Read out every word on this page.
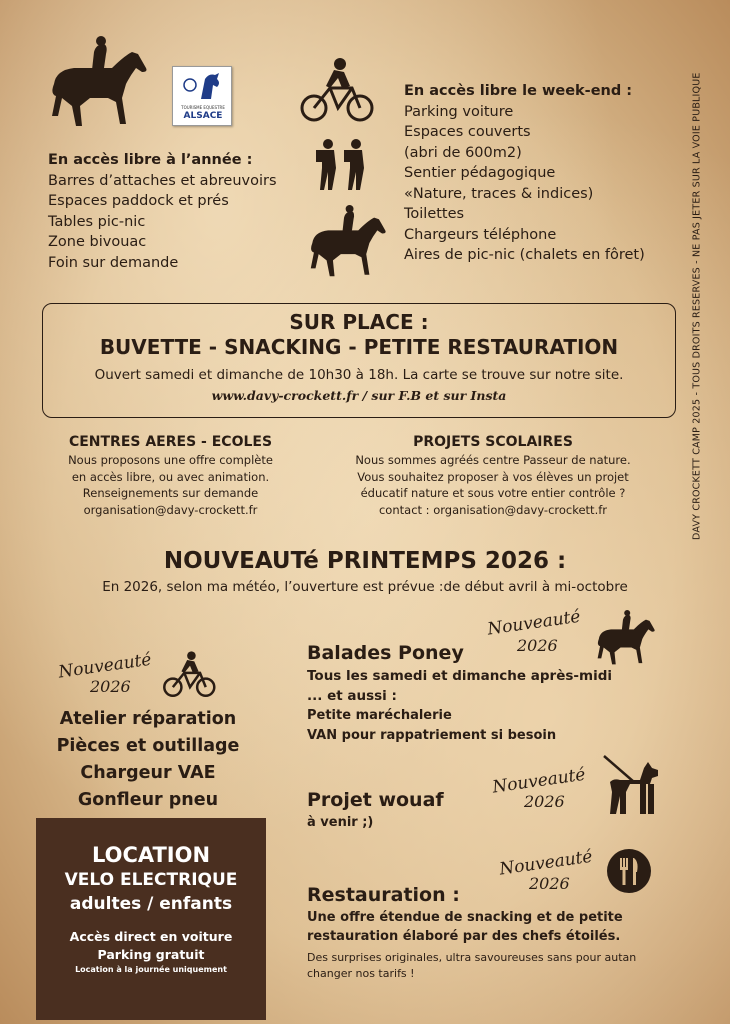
DAVY CROCKETT CAMP 2025 - TOUS DROITS RESERVES - NE PAS JETER SUR LA VOIE PUBLIQUE
TOURISME EQUESTRE
ALSACE
En accès libre à l’année :
Barres d’attaches et abreuvoirs
Espaces paddock et prés
Tables pic-nic
Zone bivouac
Foin sur demande
En accès libre le week-end :
Parking voiture
Espaces couverts
(abri de 600m2)
Sentier pédagogique
«Nature, traces & indices)
Toilettes
Chargeurs téléphone
Aires de pic-nic (chalets en fôret)
SUR PLACE :
BUVETTE - SNACKING - PETITE RESTAURATION
Ouvert samedi et dimanche de 10h30 à 18h. La carte se trouve sur notre site.
www.davy-crockett.fr / sur F.B et sur Insta
CENTRES AERES - ECOLES
Nous proposons une offre complète
en accès libre, ou avec animation.
Renseignements sur demande
organisation@davy-crockett.fr
PROJETS SCOLAIRES
Nous sommes agréés centre Passeur de nature.
Vous souhaitez proposer à vos élèves un projet
éducatif nature et sous votre entier contrôle ?
contact : organisation@davy-crockett.fr
NOUVEAUTé PRINTEMPS 2026 :
En 2026, selon ma météo, l’ouverture est prévue :de début avril à mi-octobre
Nouveauté
2026
Atelier réparation
Pièces et outillage
Chargeur VAE
Gonfleur pneu
LOCATION
VELO ELECTRIQUE
adultes / enfants
Accès direct en voiture
Parking gratuit
Location à la journée uniquement
Nouveauté
2026
Balades Poney
Tous les samedi et dimanche après-midi
... et aussi :
Petite maréchalerie
VAN pour rappatriement si besoin
Nouveauté
2026
Projet wouaf
à venir ;)
Nouveauté
2026
Restauration :
Une offre étendue de snacking et de petite
restauration élaboré par des chefs étoilés.
Des surprises originales, ultra savoureuses sans pour autan
changer nos tarifs !
